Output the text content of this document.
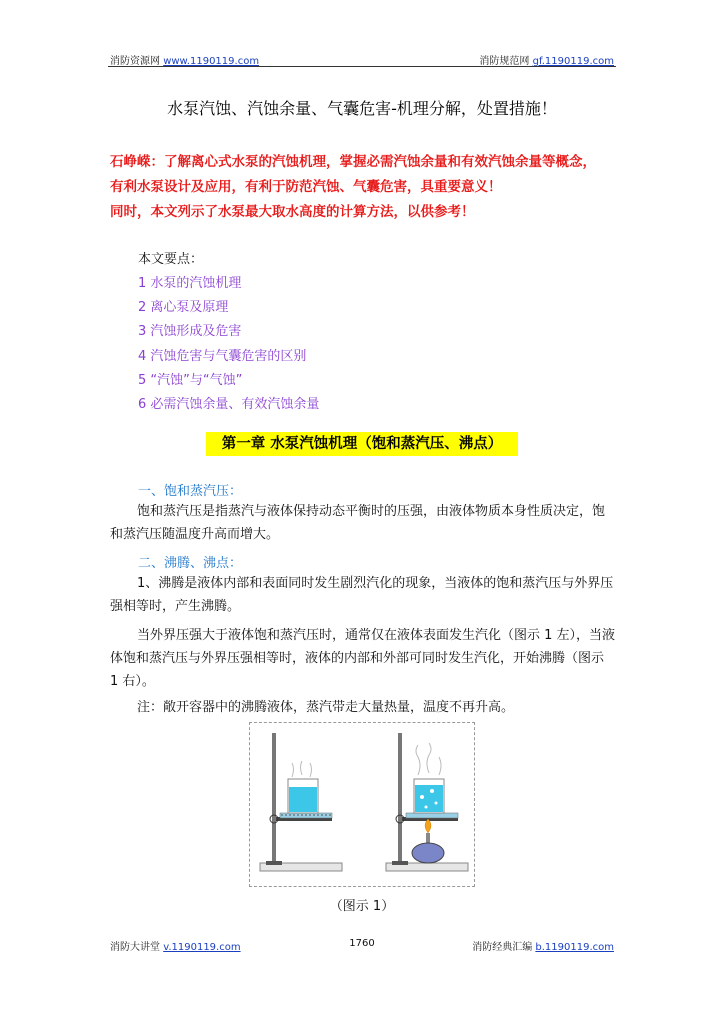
消防资源网 www.1190119.com	消防规范网 gf.1190119.com
水泵汽蚀、汽蚀余量、气囊危害-机理分解，处置措施！
石峥嵘：了解离心式水泵的汽蚀机理，掌握必需汽蚀余量和有效汽蚀余量等概念，
有利水泵设计及应用，有利于防范汽蚀、气囊危害，具重要意义！
同时，本文列示了水泵最大取水高度的计算方法，以供参考！
本文要点：
1 水泵的汽蚀机理
2 离心泵及原理
3 汽蚀形成及危害
4 汽蚀危害与气囊危害的区别
5 “汽蚀”与“气蚀”
6 必需汽蚀余量、有效汽蚀余量
第一章 水泵汽蚀机理（饱和蒸汽压、沸点）
一、饱和蒸汽压：
饱和蒸汽压是指蒸汽与液体保持动态平衡时的压强，由液体物质本身性质决定，饱和蒸汽压随温度升高而增大。
二、沸腾、沸点：
1、沸腾是液体内部和表面同时发生剧烈汽化的现象，当液体的饱和蒸汽压与外界压强相等时，产生沸腾。
当外界压强大于液体饱和蒸汽压时，通常仅在液体表面发生汽化（图示 1 左），当液体饱和蒸汽压与外界压强相等时，液体的内部和外部可同时发生汽化，开始沸腾（图示 1 右）。
注：敞开容器中的沸腾液体，蒸汽带走大量热量，温度不再升高。
（图示 1）
消防大讲堂 v.1190119.com	1760	消防经典汇编 b.1190119.com
